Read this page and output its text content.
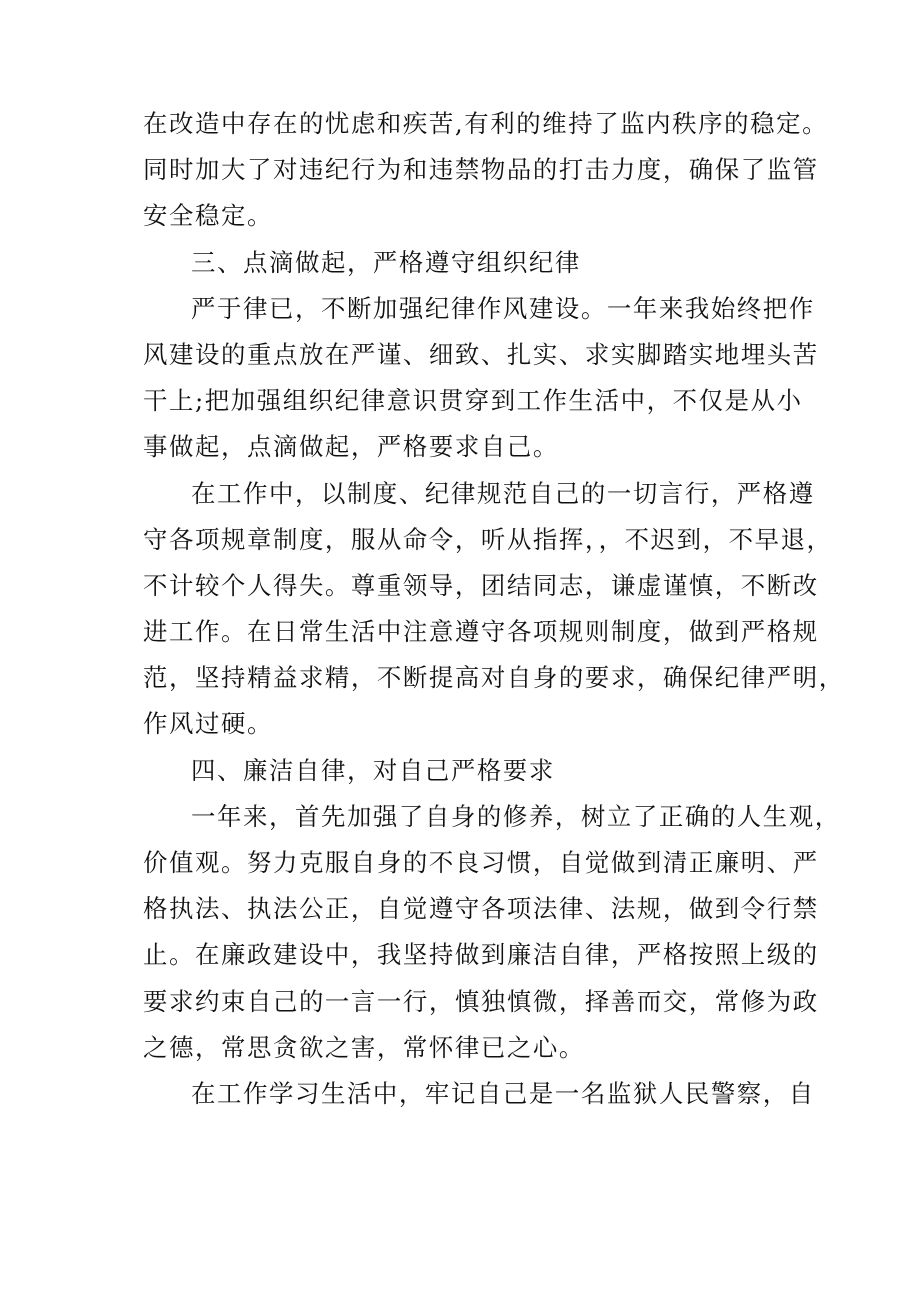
在改造中存在的忧虑和疾苦,有利的维持了监内秩序的稳定。
同时加大了对违纪行为和违禁物品的打击力度，确保了监管
安全稳定。
三、点滴做起，严格遵守组织纪律
严于律已，不断加强纪律作风建设。一年来我始终把作
风建设的重点放在严谨、细致、扎实、求实脚踏实地埋头苦
干上;把加强组织纪律意识贯穿到工作生活中，不仅是从小
事做起，点滴做起，严格要求自己。
在工作中，以制度、纪律规范自己的一切言行，严格遵
守各项规章制度，服从命令，听从指挥，，不迟到，不早退，
不计较个人得失。尊重领导，团结同志，谦虚谨慎，不断改
进工作。在日常生活中注意遵守各项规则制度，做到严格规
范，坚持精益求精，不断提高对自身的要求，确保纪律严明，
作风过硬。
四、廉洁自律，对自己严格要求
一年来，首先加强了自身的修养，树立了正确的人生观，
价值观。努力克服自身的不良习惯，自觉做到清正廉明、严
格执法、执法公正，自觉遵守各项法律、法规，做到令行禁
止。在廉政建设中，我坚持做到廉洁自律，严格按照上级的
要求约束自己的一言一行，慎独慎微，择善而交，常修为政
之德，常思贪欲之害，常怀律已之心。
在工作学习生活中，牢记自己是一名监狱人民警察，自
